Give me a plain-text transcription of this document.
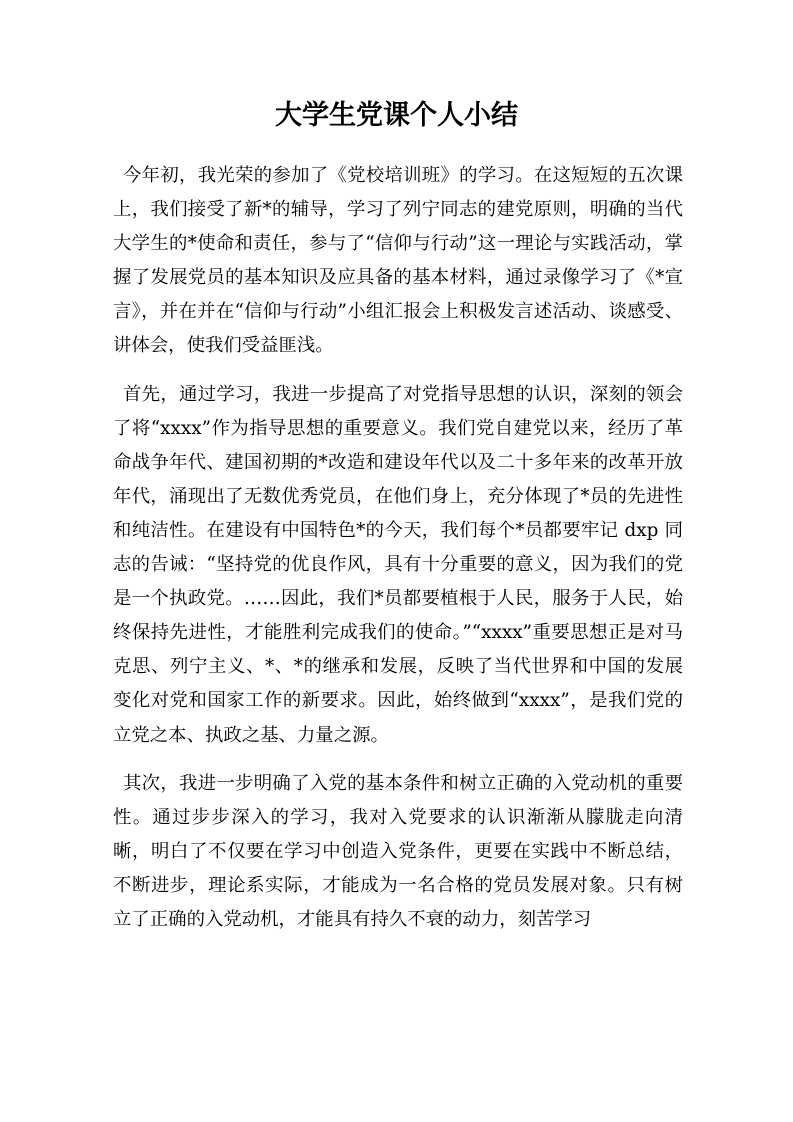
大学生党课个人小结

今年初，我光荣的参加了《党校培训班》的学习。在这短短的五次课上，我们接受了新*的辅导，学习了列宁同志的建党原则，明确的当代大学生的*使命和责任，参与了“信仰与行动”这一理论与实践活动，掌握了发展党员的基本知识及应具备的基本材料，通过录像学习了《*宣言》，并在并在“信仰与行动”小组汇报会上积极发言述活动、谈感受、讲体会，使我们受益匪浅。

首先，通过学习，我进一步提高了对党指导思想的认识，深刻的领会了将“xxxx”作为指导思想的重要意义。我们党自建党以来，经历了革命战争年代、建国初期的*改造和建设年代以及二十多年来的改革开放年代，涌现出了无数优秀党员，在他们身上，充分体现了*员的先进性和纯洁性。在建设有中国特色*的今天，我们每个*员都要牢记 dxp 同志的告诫：“坚持党的优良作风，具有十分重要的意义，因为我们的党是一个执政党。……因此，我们*员都要植根于人民，服务于人民，始终保持先进性，才能胜利完成我们的使命。”“xxxx”重要思想正是对马克思、列宁主义、*、*的继承和发展，反映了当代世界和中国的发展变化对党和国家工作的新要求。因此，始终做到“xxxx”，是我们党的立党之本、执政之基、力量之源。

其次，我进一步明确了入党的基本条件和树立正确的入党动机的重要性。通过步步深入的学习，我对入党要求的认识渐渐从朦胧走向清晰，明白了不仅要在学习中创造入党条件，更要在实践中不断总结，不断进步，理论系实际，才能成为一名合格的党员发展对象。只有树立了正确的入党动机，才能具有持久不衰的动力，刻苦学习
